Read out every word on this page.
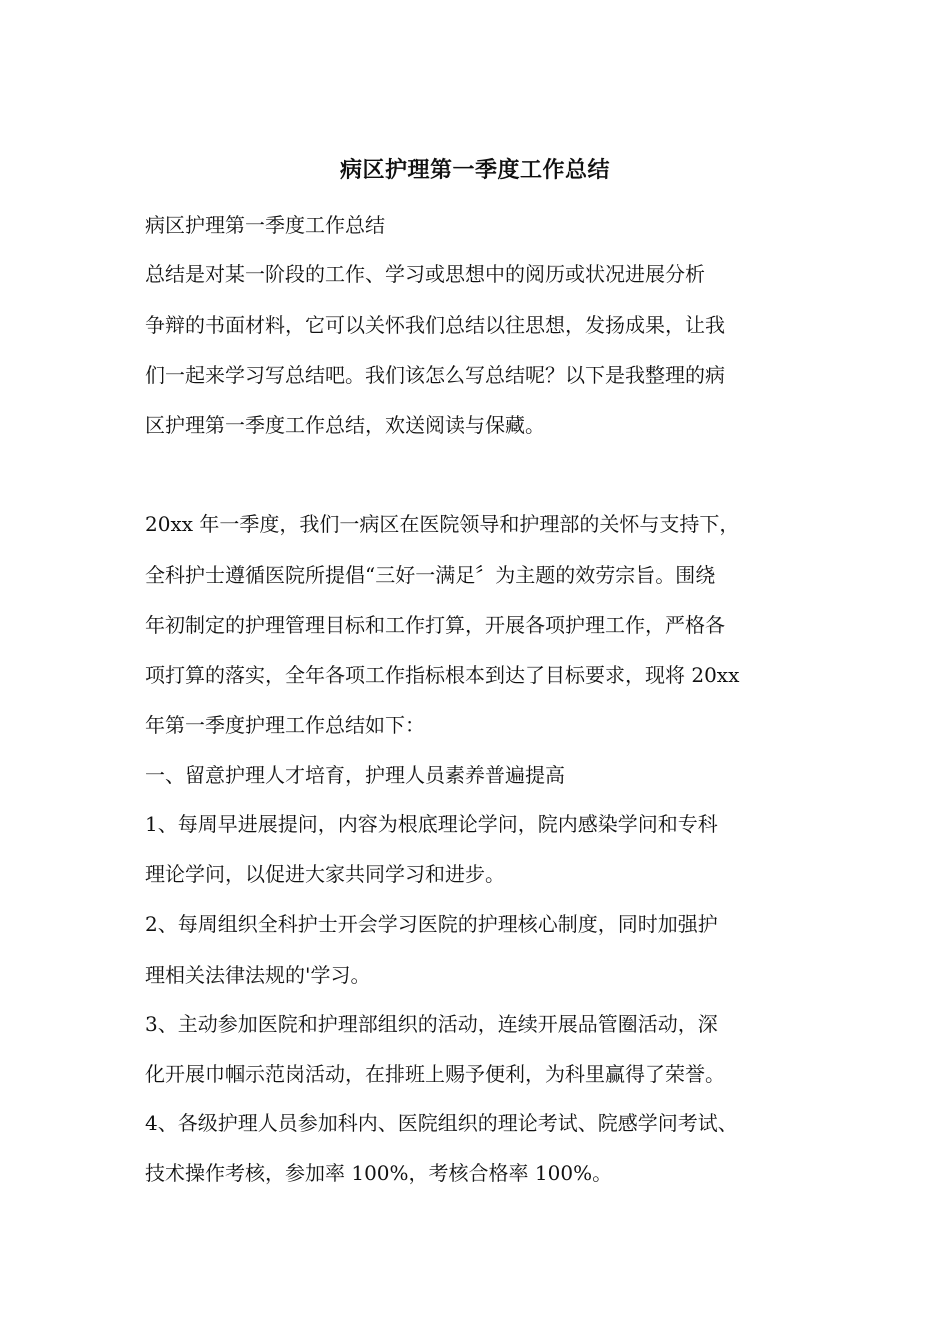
病区护理第一季度工作总结
病区护理第一季度工作总结
总结是对某一阶段的工作、学习或思想中的阅历或状况进展分析
争辩的书面材料，它可以关怀我们总结以往思想，发扬成果，让我
们一起来学习写总结吧。我们该怎么写总结呢？以下是我整理的病
区护理第一季度工作总结，欢送阅读与保藏。
20xx 年一季度，我们一病区在医院领导和护理部的关怀与支持下，
全科护士遵循医院所提倡“三好一满足〞为主题的效劳宗旨。围绕
年初制定的护理管理目标和工作打算，开展各项护理工作，严格各
项打算的落实，全年各项工作指标根本到达了目标要求，现将 20xx
年第一季度护理工作总结如下：
一、留意护理人才培育，护理人员素养普遍提高
1、每周早进展提问，内容为根底理论学问，院内感染学问和专科
理论学问，以促进大家共同学习和进步。
2、每周组织全科护士开会学习医院的护理核心制度，同时加强护
理相关法律法规的'学习。
3、主动参加医院和护理部组织的活动，连续开展品管圈活动，深
化开展巾帼示范岗活动，在排班上赐予便利，为科里赢得了荣誉。
4、各级护理人员参加科内、医院组织的理论考试、院感学问考试、
技术操作考核，参加率 100%，考核合格率 100%。
